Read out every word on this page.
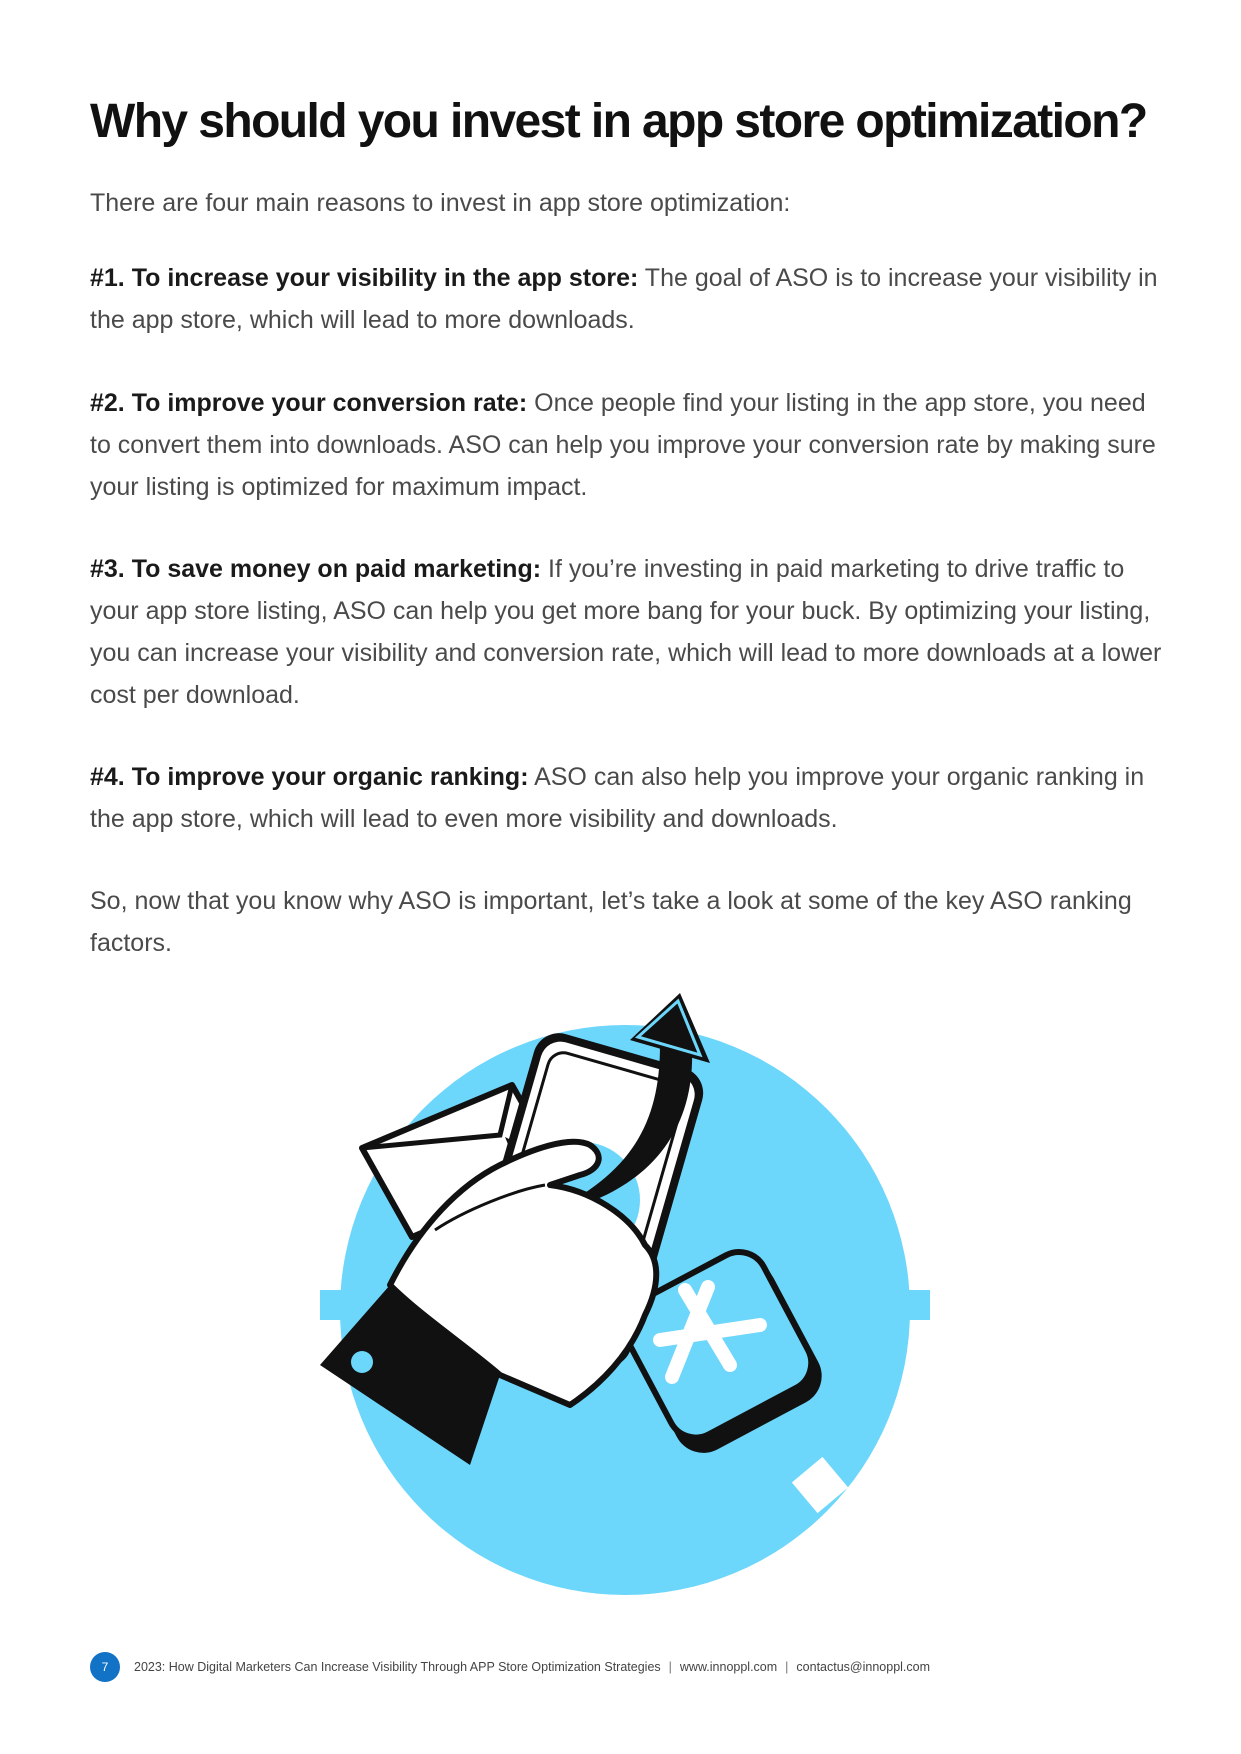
Why should you invest in app store optimization?

There are four main reasons to invest in app store optimization:

#1. To increase your visibility in the app store: The goal of ASO is to increase your visibility in the app store, which will lead to more downloads.

#2. To improve your conversion rate: Once people find your listing in the app store, you need to convert them into downloads. ASO can help you improve your conversion rate by making sure your listing is optimized for maximum impact.

#3. To save money on paid marketing: If you’re investing in paid marketing to drive traffic to your app store listing, ASO can help you get more bang for your buck. By optimizing your listing, you can increase your visibility and conversion rate, which will lead to more downloads at a lower cost per download.

#4. To improve your organic ranking: ASO can also help you improve your organic ranking in the app store, which will lead to even more visibility and downloads.

So, now that you know why ASO is important, let’s take a look at some of the key ASO ranking factors.

7	2023: How Digital Marketers Can Increase Visibility Through APP Store Optimization Strategies | www.innoppl.com | contactus@innoppl.com
